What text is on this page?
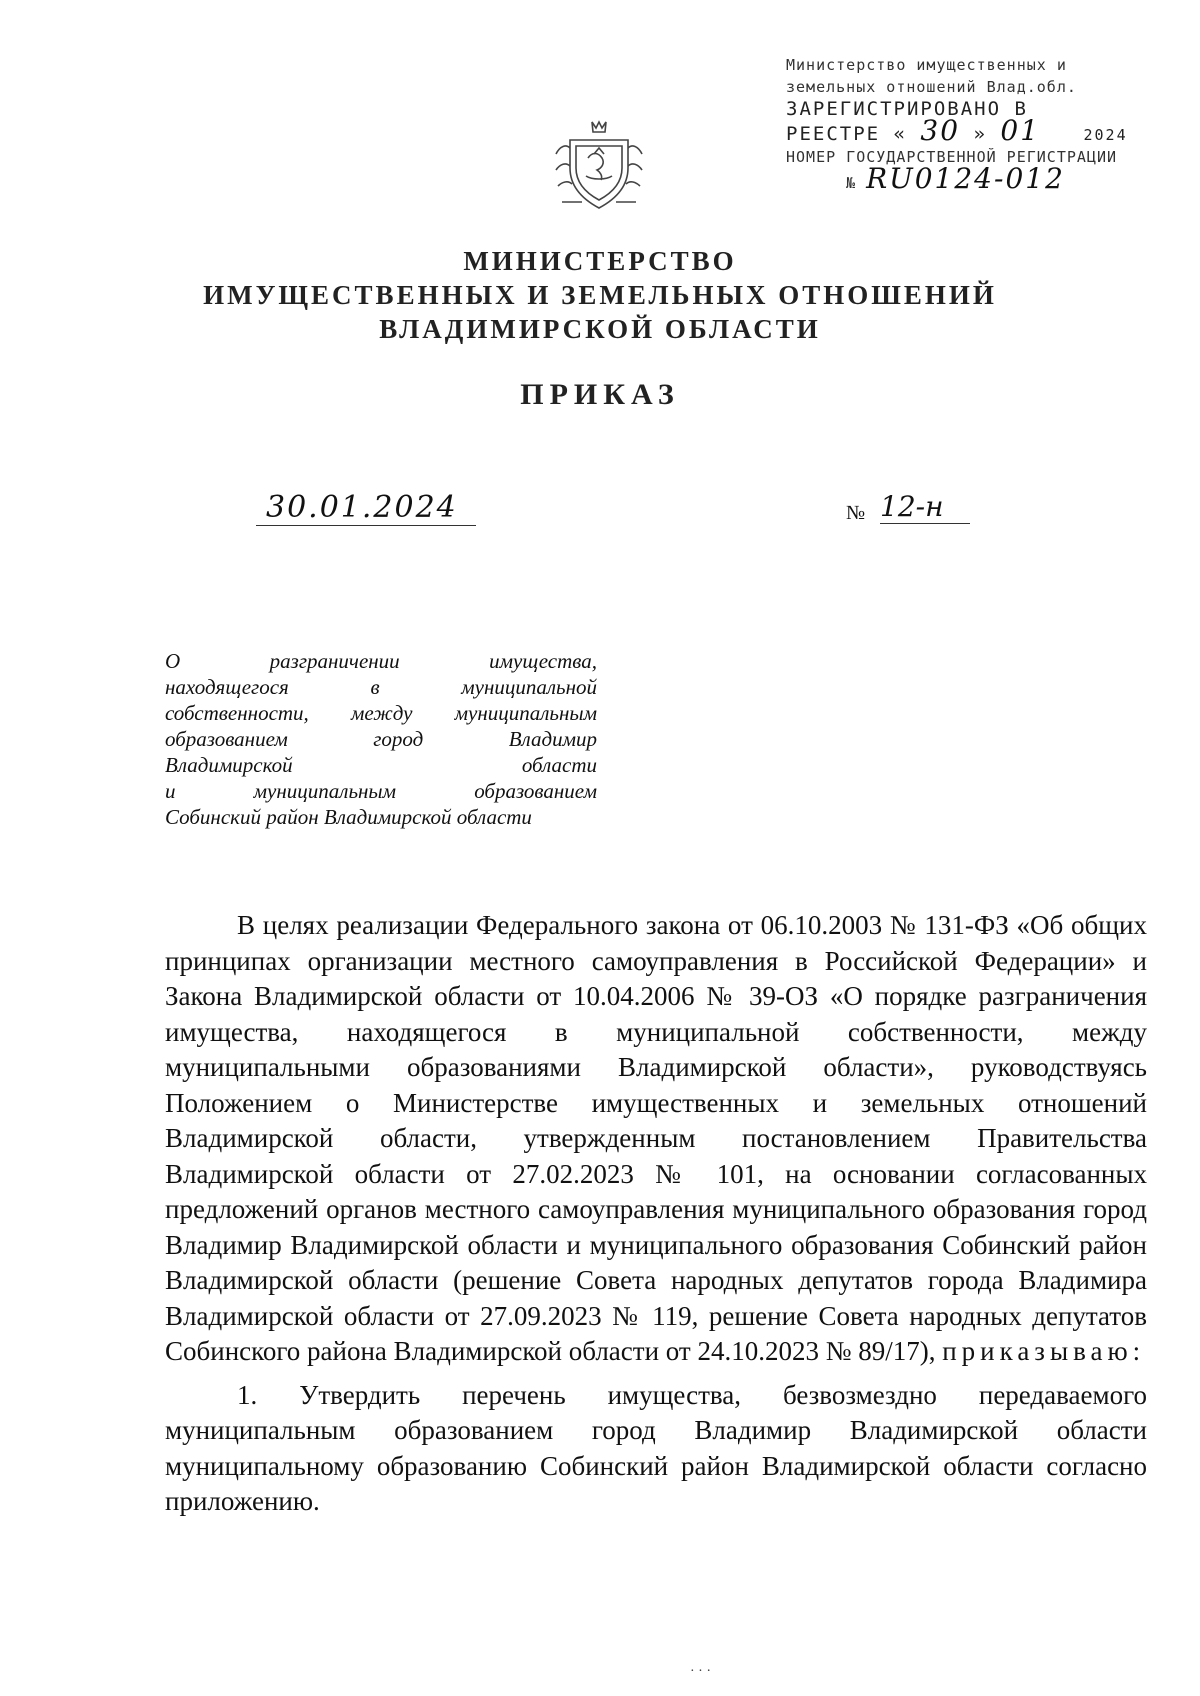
Министерство имущественных и
земельных отношений Влад.обл.
ЗАРЕГИСТРИРОВАНО В
РЕЕСТРЕ « 30 » 01	2024
НОМЕР ГОСУДАРСТВЕННОЙ РЕГИСТРАЦИИ
№ RU0124-012
МИНИСТЕРСТВО
ИМУЩЕСТВЕННЫХ И ЗЕМЕЛЬНЫХ ОТНОШЕНИЙ
ВЛАДИМИРСКОЙ ОБЛАСТИ
ПРИКАЗ
30.01.2024	№ 12-н
О разграничении имущества,
находящегося в муниципальной
собственности, между муниципальным
образованием город Владимир
Владимирской области
и муниципальным образованием
Собинский район Владимирской области

В целях реализации Федерального закона от 06.10.2003 № 131-ФЗ «Об общих принципах организации местного самоуправления в Российской Федерации» и Закона Владимирской области от 10.04.2006 № 39-ОЗ «О порядке разграничения имущества, находящегося в муниципальной собственности, между муниципальными образованиями Владимирской области», руководствуясь Положением о Министерстве имущественных и земельных отношений Владимирской области, утвержденным постановлением Правительства Владимирской области от 27.02.2023 № 101, на основании согласованных предложений органов местного самоуправления муниципального образования город Владимир Владимирской области и муниципального образования Собинский район Владимирской области (решение Совета народных депутатов города Владимира Владимирской области от 27.09.2023 № 119, решение Совета народных депутатов Собинского района Владимирской области от 24.10.2023 № 89/17), приказываю:

1. Утвердить перечень имущества, безвозмездно передаваемого муниципальным образованием город Владимир Владимирской области муниципальному образованию Собинский район Владимирской области согласно приложению.

· · ·
